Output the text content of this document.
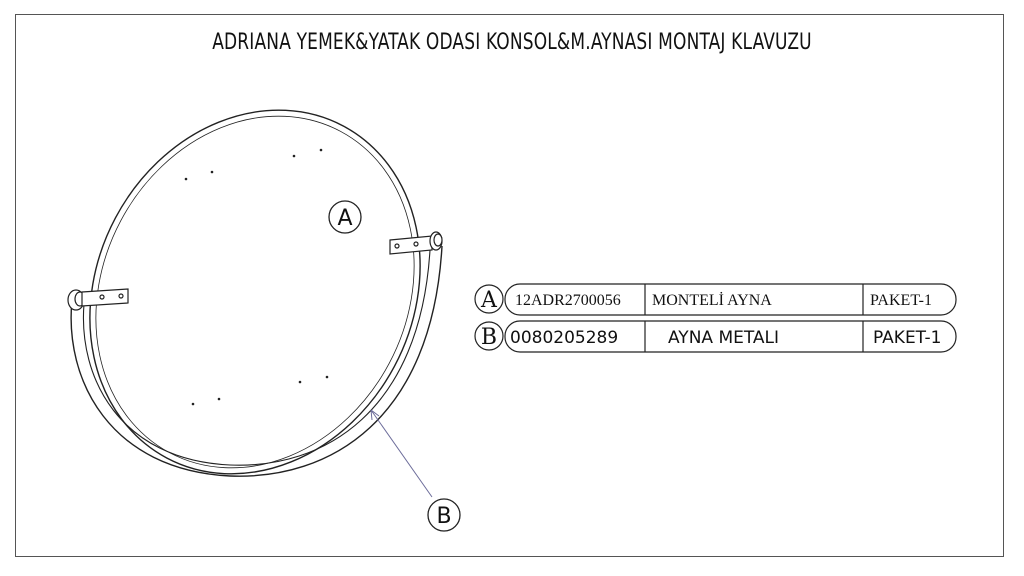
ADRIANA YEMEK&YATAK ODASI KONSOL&M.AYNASI MONTAJ KLAVUZU
A
B
A 12ADR2700056 MONTELİ AYNA	PAKET-1
B 0080205289	AYNA METALI	PAKET-1
